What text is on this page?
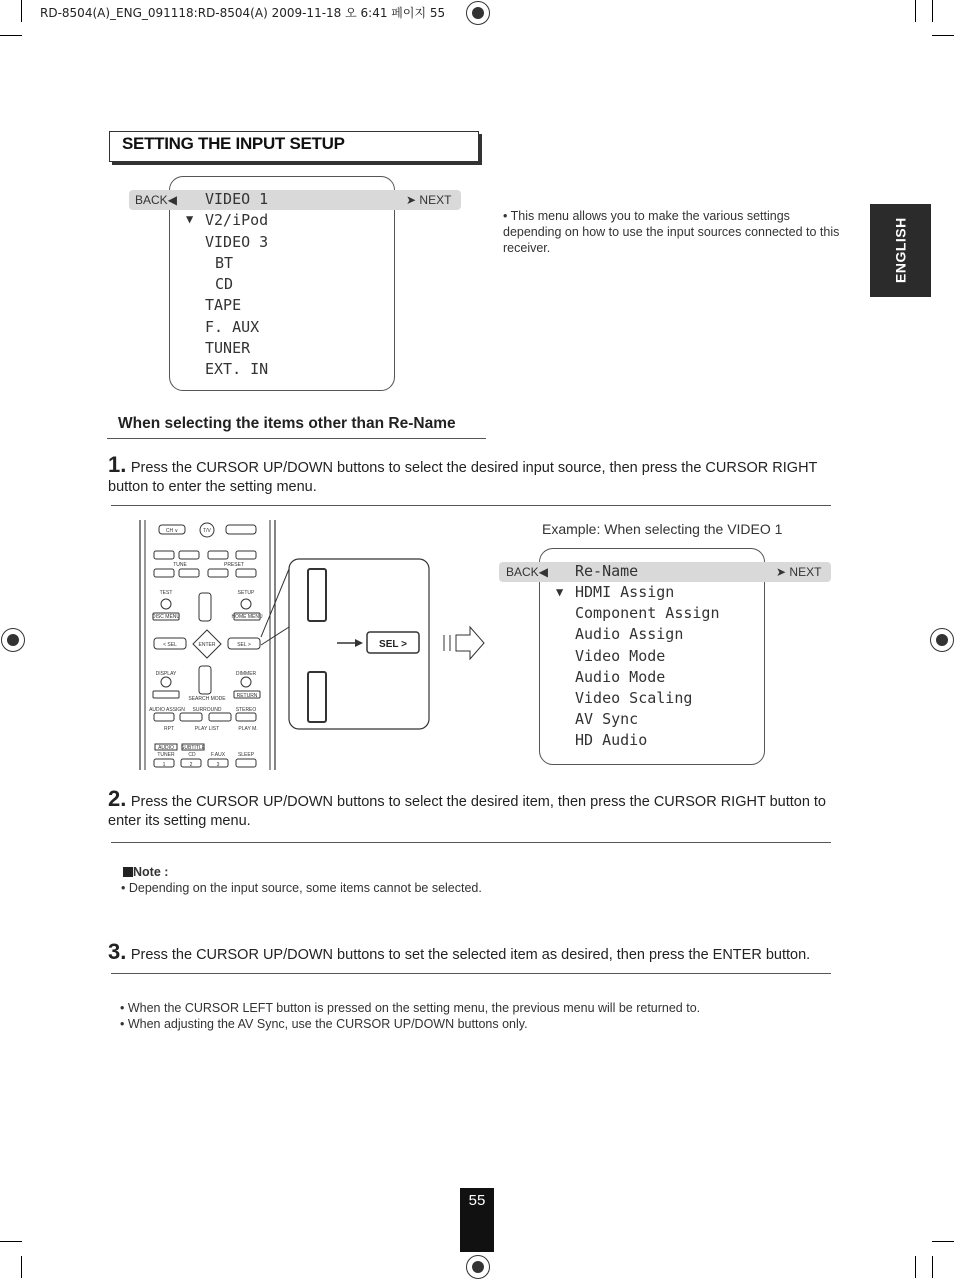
RD-8504(A)_ENG_091118:RD-8504(A) 2009-11-18 오 6:41 페이지 55
SETTING THE INPUT SETUP
BACK◀	➤ NEXT
▼
VIDEO 1
V2/iPod
VIDEO 3
BT
CD
TAPE
F. AUX
TUNER
EXT. IN
• This menu allows you to make the various settings depending on how to use the input sources connected to this receiver.	ENGLISH
When selecting the items other than Re-Name
1. Press the CURSOR UP/DOWN buttons to select the desired input source, then press the CURSOR RIGHT button to enter the setting menu.
CH ∨	T/V
TEST	SETUP
DISC MENU	HOME MENU
< SEL	ENTER	SEL >
DISPLAY	DIMMER
RETURN
SEARCH MODE
AUDIO ASSIGN SURROUND	STEREO
RPT	PLAY LIST	PLAY M.
TUNER	CD	F.AUX	SLEEP
TUNE	PRESET
AUDIO SUBTITLE
1	2	3
SEL >
Example: When selecting the VIDEO 1
BACK◀	➤ NEXT
▼
Re-Name
HDMI Assign
Component Assign
Audio Assign
Video Mode
Audio Mode
Video Scaling
AV Sync
HD Audio
2. Press the CURSOR UP/DOWN buttons to select the desired item, then press the CURSOR RIGHT button to enter its setting menu.
Note :
• Depending on the input source, some items cannot be selected.
3. Press the CURSOR UP/DOWN buttons to set the selected item as desired, then press the ENTER button.
• When the CURSOR LEFT button is pressed on the setting menu, the previous menu will be returned to.
• When adjusting the AV Sync, use the CURSOR UP/DOWN buttons only.
55
